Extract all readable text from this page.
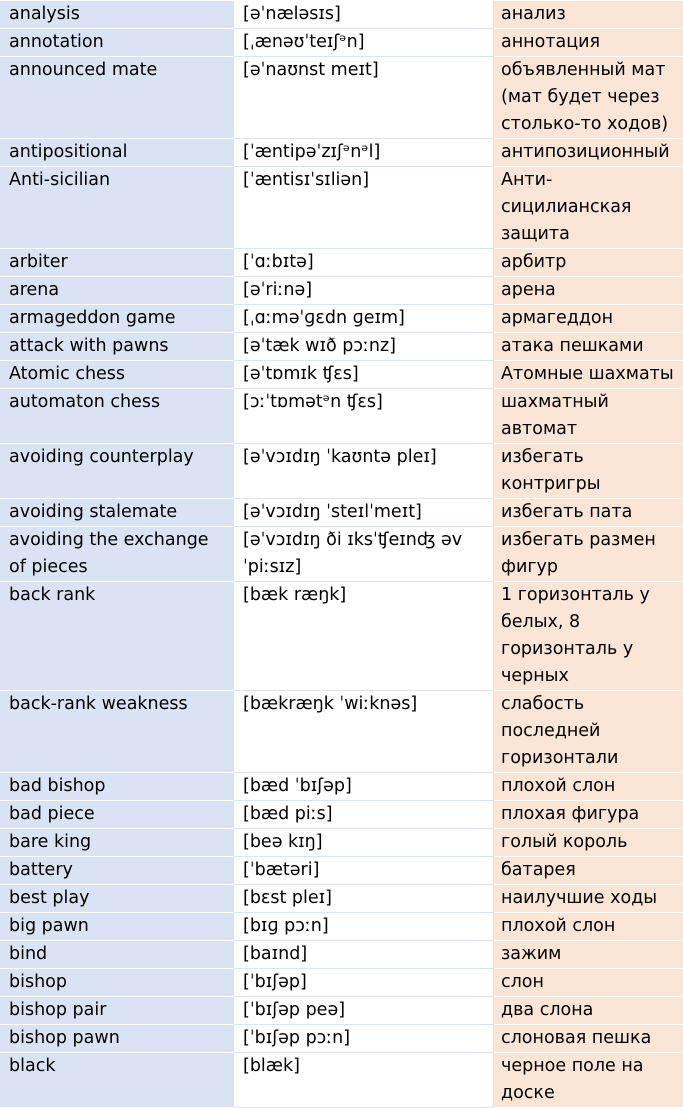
analysis	[əˈnæləsɪs]	анализ
annotation	[ˌænəʊˈteɪʃᵊn]	аннотация
announced mate	[əˈnaʊnst meɪt]	объявленный мат (мат будет через столько-то ходов)
antipositional	[ˈæntipəˈzɪʃᵊnᵊl]	антипозиционный
Anti-sicilian	[ˈæntisɪˈsɪliən]	Анти-сицилианская защита
arbiter	[ˈɑːbɪtə]	арбитр
arena	[əˈriːnə]	арена
armageddon game	[ˌɑːməˈɡɛdn ɡeɪm]	армагеддон
attack with pawns	[əˈtæk wɪð pɔːnz]	атака пешками
Atomic chess	[əˈtɒmɪk ʧɛs]	Атомные шахматы
automaton chess	[ɔːˈtɒmətᵊn ʧɛs]	шахматный автомат
avoiding counterplay	[əˈvɔɪdɪŋ ˈkaʊntə pleɪ]	избегать контригры
avoiding stalemate	[əˈvɔɪdɪŋ ˈsteɪlˈmeɪt]	избегать пата
avoiding the exchange of pieces	[əˈvɔɪdɪŋ ði ɪksˈʧeɪnʤ əv ˈpiːsɪz]	избегать размен фигур
back rank	[bæk ræŋk]	1 горизонталь у белых, 8 горизонталь у черных
back-rank weakness	[bækræŋk ˈwiːknəs]	слабость последней горизонтали
bad bishop	[bæd ˈbɪʃəp]	плохой слон
bad piece	[bæd piːs]	плохая фигура
bare king	[beə kɪŋ]	голый король
battery	[ˈbætəri]	батарея
best play	[bɛst pleɪ]	наилучшие ходы
big pawn	[bɪɡ pɔːn]	плохой слон
bind	[baɪnd]	зажим
bishop	[ˈbɪʃəp]	слон
bishop pair	[ˈbɪʃəp peə]	два слона
bishop pawn	[ˈbɪʃəp pɔːn]	слоновая пешка
black	[blæk]	черное поле на доске
